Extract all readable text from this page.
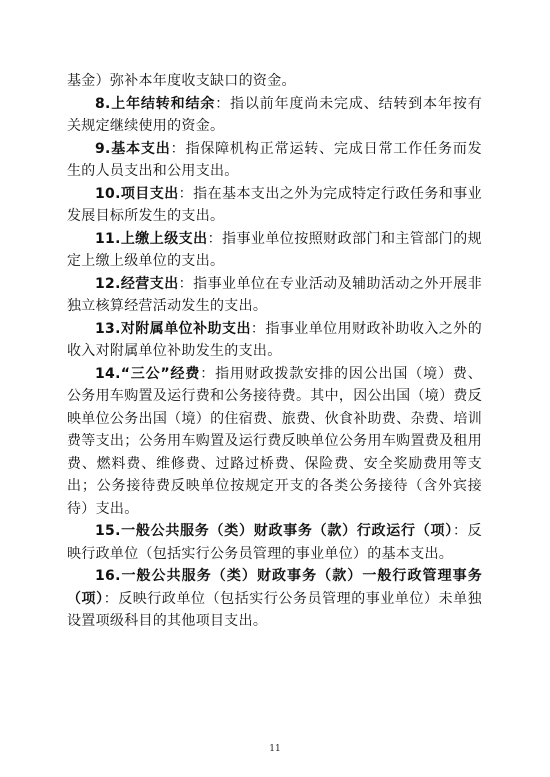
基金）弥补本年度收支缺口的资金。

8.上年结转和结余：指以前年度尚未完成、结转到本年按有关规定继续使用的资金。

9.基本支出：指保障机构正常运转、完成日常工作任务而发生的人员支出和公用支出。

10.项目支出：指在基本支出之外为完成特定行政任务和事业发展目标所发生的支出。

11.上缴上级支出：指事业单位按照财政部门和主管部门的规定上缴上级单位的支出。

12.经营支出：指事业单位在专业活动及辅助活动之外开展非独立核算经营活动发生的支出。

13.对附属单位补助支出：指事业单位用财政补助收入之外的收入对附属单位补助发生的支出。

14.“三公”经费：指用财政拨款安排的因公出国（境）费、公务用车购置及运行费和公务接待费。其中，因公出国（境）费反映单位公务出国（境）的住宿费、旅费、伙食补助费、杂费、培训费等支出；公务用车购置及运行费反映单位公务用车购置费及租用费、燃料费、维修费、过路过桥费、保险费、安全奖励费用等支出；公务接待费反映单位按规定开支的各类公务接待（含外宾接待）支出。

15.一般公共服务（类）财政事务（款）行政运行（项）：反映行政单位（包括实行公务员管理的事业单位）的基本支出。

16.一般公共服务（类）财政事务（款）一般行政管理事务（项）：反映行政单位（包括实行公务员管理的事业单位）未单独设置项级科目的其他项目支出。

11
